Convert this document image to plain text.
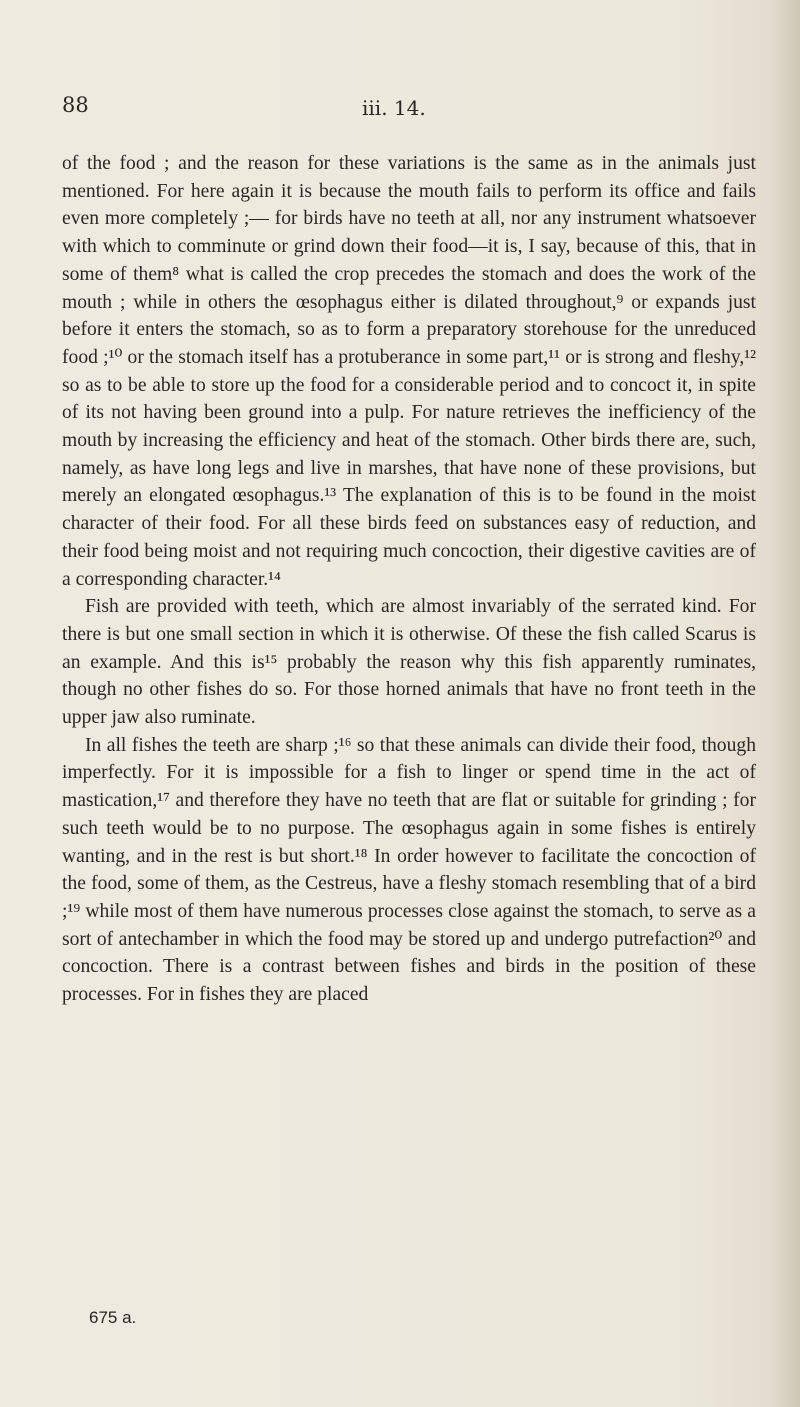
88	iii. 14.

of the food ; and the reason for these variations is the same as in the animals just mentioned. For here again it is because the mouth fails to perform its office and fails even more completely ;— for birds have no teeth at all, nor any instrument whatsoever with which to comminute or grind down their food—it is, I say, because of this, that in some of them⁸ what is called the crop precedes the stomach and does the work of the mouth ; while in others the œsophagus either is dilated throughout,⁹ or expands just before it enters the stomach, so as to form a preparatory storehouse for the unreduced food ;¹⁰ or the stomach itself has a protuberance in some part,¹¹ or is strong and fleshy,¹² so as to be able to store up the food for a considerable period and to concoct it, in spite of its not having been ground into a pulp. For nature retrieves the inefficiency of the mouth by increasing the efficiency and heat of the stomach. Other birds there are, such, namely, as have long legs and live in marshes, that have none of these provisions, but merely an elongated œsophagus.¹³ The explanation of this is to be found in the moist character of their food. For all these birds feed on substances easy of reduction, and their food being moist and not requiring much concoction, their digestive cavities are of a corresponding character.¹⁴

Fish are provided with teeth, which are almost invariably of the serrated kind. For there is but one small section in which it is otherwise. Of these the fish called Scarus is an example. And this is¹⁵ probably the reason why this fish apparently ruminates, though no other fishes do so. For those horned animals that have no front teeth in the upper jaw also ruminate.

In all fishes the teeth are sharp ;¹⁶ so that these animals can divide their food, though imperfectly. For it is impossible for a fish to linger or spend time in the act of mastication,¹⁷ and therefore they have no teeth that are flat or suitable for grinding ; for such teeth would be to no purpose. The œsophagus again in some fishes is entirely wanting, and in the rest is but short.¹⁸ In order however to facilitate the concoction of the food, some of them, as the Cestreus, have a fleshy stomach resembling that of a bird ;¹⁹ while most of them have numerous processes close against the stomach, to serve as a sort of antechamber in which the food may be stored up and undergo putrefaction²⁰ and concoction. There is a contrast between fishes and birds in the position of these processes. For in fishes they are placed

675 a.
